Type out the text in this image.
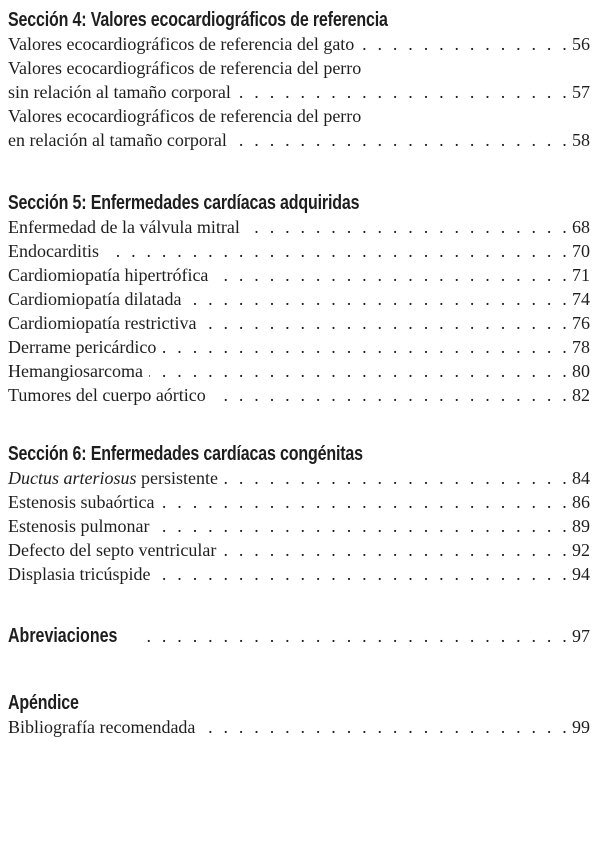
Sección 4: Valores ecocardiográficos de referencia
Valores ecocardiográficos de referencia del gato . . .	56
Valores ecocardiográficos de referencia del perro
sin relación al tamaño corporal . . .	57
Valores ecocardiográficos de referencia del perro
en relación al tamaño corporal . . .	58
Sección 5: Enfermedades cardíacas adquiridas
Enfermedad de la válvula mitral . . .	68
Endocarditis . . .	70
Cardiomiopatía hipertrófica . . .	71
Cardiomiopatía dilatada . . .	74
Cardiomiopatía restrictiva . . .	76
Derrame pericárdico . . .	78
Hemangiosarcoma . . .	80
Tumores del cuerpo aórtico . . .	82
Sección 6: Enfermedades cardíacas congénitas
Ductus arteriosus persistente . . .	84
Estenosis subaórtica . . .	86
Estenosis pulmonar . . .	89
Defecto del septo ventricular . . .	92
Displasia tricúspide . . .	94
Abreviaciones . . .	97
Apéndice
Bibliografía recomendada . . .	99
